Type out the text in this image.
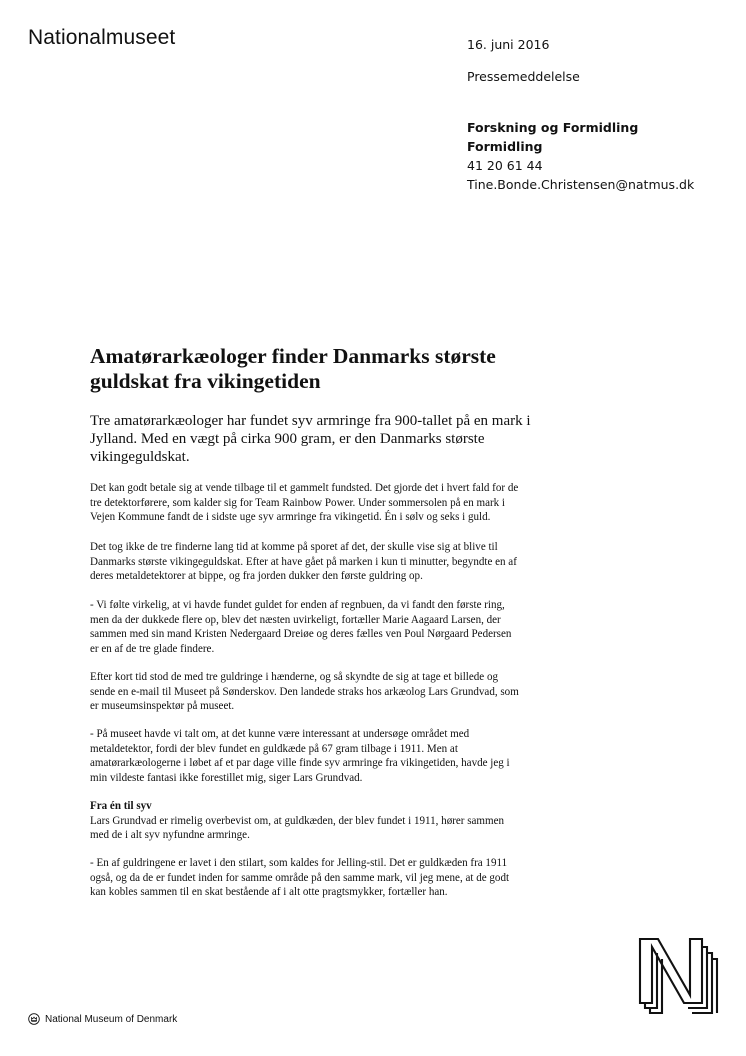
Nationalmuseet	16. juni 2016
Pressemeddelelse
Forskning og Formidling
Formidling
41 20 61 44
Tine.Bonde.Christensen@natmus.dk
Amatørarkæologer finder Danmarks største
guldskat fra vikingetiden

Tre amatørarkæologer har fundet syv armringe fra 900-tallet på en mark i
Jylland. Med en vægt på cirka 900 gram, er den Danmarks største
vikingeguldskat.

Det kan godt betale sig at vende tilbage til et gammelt fundsted. Det gjorde det i hvert fald for de
tre detektorførere, som kalder sig for Team Rainbow Power. Under sommersolen på en mark i
Vejen Kommune fandt de i sidste uge syv armringe fra vikingetid. Én i sølv og seks i guld.

Det tog ikke de tre finderne lang tid at komme på sporet af det, der skulle vise sig at blive til
Danmarks største vikingeguldskat. Efter at have gået på marken i kun ti minutter, begyndte en af
deres metaldetektorer at bippe, og fra jorden dukker den første guldring op.

- Vi følte virkelig, at vi havde fundet guldet for enden af regnbuen, da vi fandt den første ring,
men da der dukkede flere op, blev det næsten uvirkeligt, fortæller Marie Aagaard Larsen, der
sammen med sin mand Kristen Nedergaard Dreiøe og deres fælles ven Poul Nørgaard Pedersen
er en af de tre glade findere.

Efter kort tid stod de med tre guldringe i hænderne, og så skyndte de sig at tage et billede og
sende en e-mail til Museet på Sønderskov. Den landede straks hos arkæolog Lars Grundvad, som
er museumsinspektør på museet.

- På museet havde vi talt om, at det kunne være interessant at undersøge området med
metaldetektor, fordi der blev fundet en guldkæde på 67 gram tilbage i 1911. Men at
amatørarkæologerne i løbet af et par dage ville finde syv armringe fra vikingetiden, havde jeg i
min vildeste fantasi ikke forestillet mig, siger Lars Grundvad.

Fra én til syv
Lars Grundvad er rimelig overbevist om, at guldkæden, der blev fundet i 1911, hører sammen
med de i alt syv nyfundne armringe.

- En af guldringene er lavet i den stilart, som kaldes for Jelling-stil. Det er guldkæden fra 1911
også, og da de er fundet inden for samme område på den samme mark, vil jeg mene, at de godt
kan kobles sammen til en skat bestående af i alt otte pragtsmykker, fortæller han.

National Museum of Denmark
